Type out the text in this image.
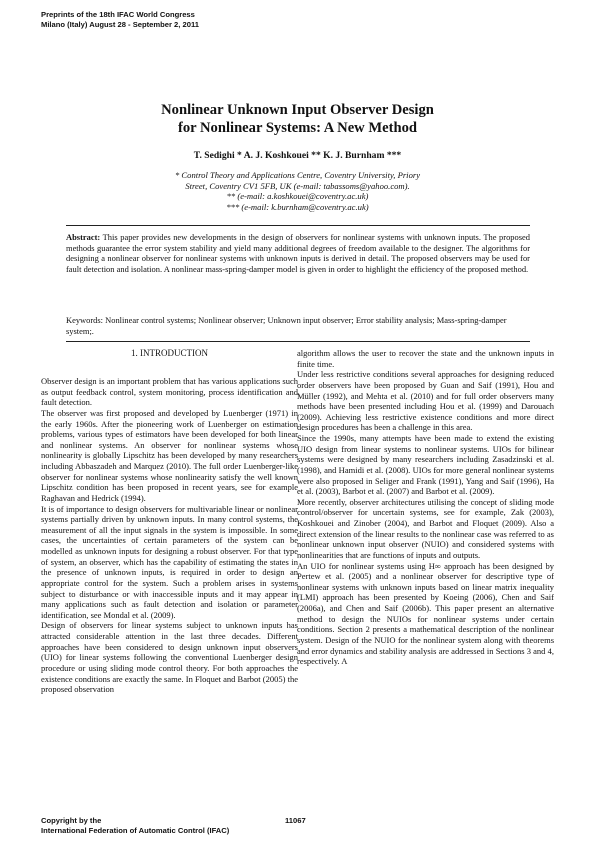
Preprints of the 18th IFAC World Congress
Milano (Italy) August 28 - September 2, 2011
Nonlinear Unknown Input Observer Design
for Nonlinear Systems: A New Method
T. Sedighi * A. J. Koshkouei ** K. J. Burnham ***
* Control Theory and Applications Centre, Coventry University, Priory
Street, Coventry CV1 5FB, UK (e-mail: tabassoms@yahoo.com).
** (e-mail: a.koshkouei@coventry.ac.uk)
*** (e-mail: k.burnham@coventry.ac.uk)
Abstract: This paper provides new developments in the design of observers for nonlinear systems with unknown inputs. The proposed methods guarantee the error system stability and yield many additional degrees of freedom available to the designer. The algorithms for designing a nonlinear observer for nonlinear systems with unknown inputs is derived in detail. The proposed observers may be used for fault detection and isolation. A nonlinear mass-spring-damper model is given in order to highlight the efficiency of the proposed method.
Keywords: Nonlinear control systems; Nonlinear observer; Unknown input observer; Error stability analysis; Mass-spring-damper system;.
1. INTRODUCTION

Observer design is an important problem that has various applications such as output feedback control, system monitoring, process identification and fault detection.

The observer was first proposed and developed by Luenberger (1971) in the early 1960s. After the pioneering work of Luenberger on estimation problems, various types of estimators have been developed for both linear and nonlinear systems. An observer for nonlinear systems whose nonlinearity is globally Lipschitz has been developed by many researchers including Abbaszadeh and Marquez (2010). The full order Luenberger-like observer for nonlinear systems whose nonlinearity satisfy the well known Lipschitz condition has been proposed in recent years, see for example Raghavan and Hedrick (1994).

It is of importance to design observers for multivariable linear or nonlinear systems partially driven by unknown inputs. In many control systems, the measurement of all the input signals in the system is impossible. In some cases, the uncertainties of certain parameters of the system can be modelled as unknown inputs for designing a robust observer. For that type of system, an observer, which has the capability of estimating the states in the presence of unknown inputs, is required in order to design an appropriate control for the system. Such a problem arises in systems subject to disturbance or with inaccessible inputs and it may appear in many applications such as fault detection and isolation or parameter identification, see Mondal et al. (2009).

Design of observers for linear systems subject to unknown inputs has attracted considerable attention in the last three decades. Different approaches have been considered to design unknown input observers (UIO) for linear systems following the conventional Luenberger design procedure or using sliding mode control theory. For both approaches the existence conditions are exactly the same. In Floquet and Barbot (2005) the proposed observation

algorithm allows the user to recover the state and the unknown inputs in finite time.

Under less restrictive conditions several approaches for designing reduced order observers have been proposed by Guan and Saif (1991), Hou and Müller (1992), and Mehta et al. (2010) and for full order observers many methods have been presented including Hou et al. (1999) and Darouach (2009). Achieving less restrictive existence conditions and more direct design procedures has been a challenge in this area.

Since the 1990s, many attempts have been made to extend the existing UIO design from linear systems to nonlinear systems. UIOs for bilinear systems were designed by many researchers including Zasadzinski et al. (1998), and Hamidi et al. (2008). UIOs for more general nonlinear systems were also proposed in Seliger and Frank (1991), Yang and Saif (1996), Ha et al. (2003), Barbot et al. (2007) and Barbot et al. (2009).

More recently, observer architectures utilising the concept of sliding mode control/observer for uncertain systems, see for example, Zak (2003), Koshkouei and Zinober (2004), and Barbot and Floquet (2009). Also a direct extension of the linear results to the nonlinear case was referred to as nonlinear unknown input observer (NUIO) and considered systems with nonlinearities that are functions of inputs and outputs.

An UIO for nonlinear systems using H∞ approach has been designed by Pertew et al. (2005) and a nonlinear observer for descriptive type of nonlinear systems with unknown inputs based on linear matrix inequality (LMI) approach has been presented by Koeing (2006), Chen and Saif (2006a), and Chen and Saif (2006b). This paper present an alternative method to design the NUIOs for nonlinear systems under certain conditions. Section 2 presents a mathematical description of the nonlinear system. Design of the NUIO for the nonlinear system along with theorems and error dynamics and stability analysis are addressed in Sections 3 and 4, respectively. A

Copyright by the
International Federation of Automatic Control (IFAC)
11067
